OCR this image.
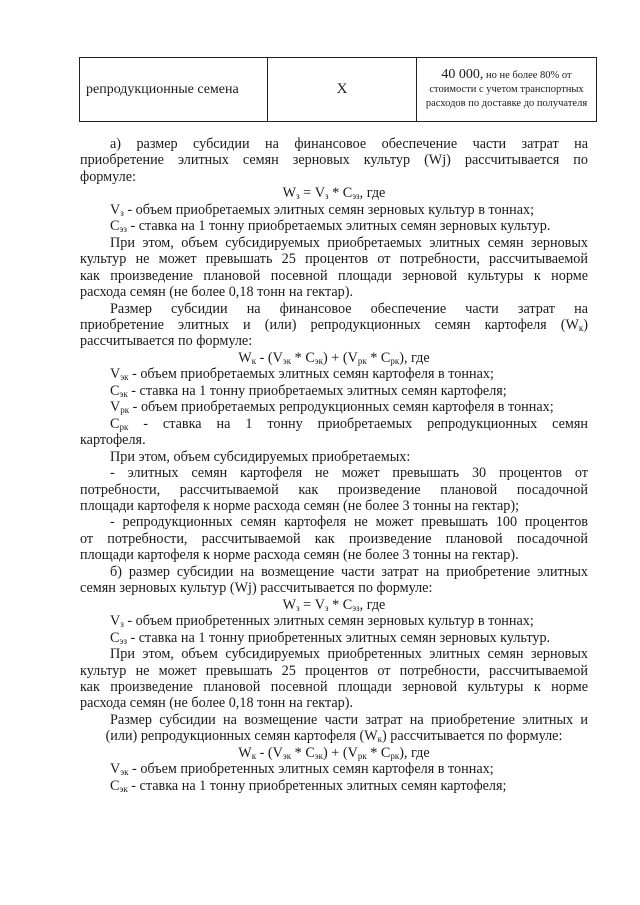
репродукционные семена	X	40 000, но не более 80% от
стоимости с учетом транспортных
расходов по доставке до получателя

а) размер субсидии на финансовое обеспечение части затрат на

приобретение элитных семян зерновых культур (Wj) рассчитывается по

формуле:

$W_з = V_з * С_{эз}$, где

$V_з$ - объем приобретаемых элитных семян зерновых культур в тоннах;

$С_{эз}$ - ставка на 1 тонну приобретаемых элитных семян зерновых культур.

При этом, объем субсидируемых приобретаемых элитных семян зерновых

культур не может превышать 25 процентов от потребности, рассчитываемой

как произведение плановой посевной площади зерновой культуры к норме

расхода семян (не более 0,18 тонн на гектар).

Размер субсидии на финансовое обеспечение части затрат на

приобретение элитных и (или) репродукционных семян картофеля $(W_к)$

рассчитывается по формуле:

$W_к - (V_{эк} * С_{эк}) + (V_{рк} * С_{рк})$, где

$V_{эк}$ - объем приобретаемых элитных семян картофеля в тоннах;

$С_{эк}$ - ставка на 1 тонну приобретаемых элитных семян картофеля;

$V_{рк}$ - объем приобретаемых репродукционных семян картофеля в тоннах;

$С_{рк}$ - ставка на 1 тонну приобретаемых репродукционных семян

картофеля.

При этом, объем субсидируемых приобретаемых:

- элитных семян картофеля не может превышать 30 процентов от

потребности, рассчитываемой как произведение плановой посадочной

площади картофеля к норме расхода семян (не более 3 тонны на гектар);

- репродукционных семян картофеля не может превышать 100 процентов

от потребности, рассчитываемой как произведение плановой посадочной

площади картофеля к норме расхода семян (не более 3 тонны на гектар).

б) размер субсидии на возмещение части затрат на приобретение элитных

семян зерновых культур (Wj) рассчитывается по формуле:

$W_з = V_з * С_{эз}$, где

$V_з$ - объем приобретенных элитных семян зерновых культур в тоннах;

$С_{эз}$ - ставка на 1 тонну приобретенных элитных семян зерновых культур.

При этом, объем субсидируемых приобретенных элитных семян зерновых

культур не может превышать 25 процентов от потребности, рассчитываемой

как произведение плановой посевной площади зерновой культуры к норме

расхода семян (не более 0,18 тонн на гектар).

Размер субсидии на возмещение части затрат на приобретение элитных и

(или) репродукционных семян картофеля $(W_к)$ рассчитывается по формуле:

$W_к - (V_{эк} * С_{эк}) + (V_{рк} * С_{рк})$, где

$V_{эк}$ - объем приобретенных элитных семян картофеля в тоннах;

$С_{эк}$ - ставка на 1 тонну приобретенных элитных семян картофеля;
